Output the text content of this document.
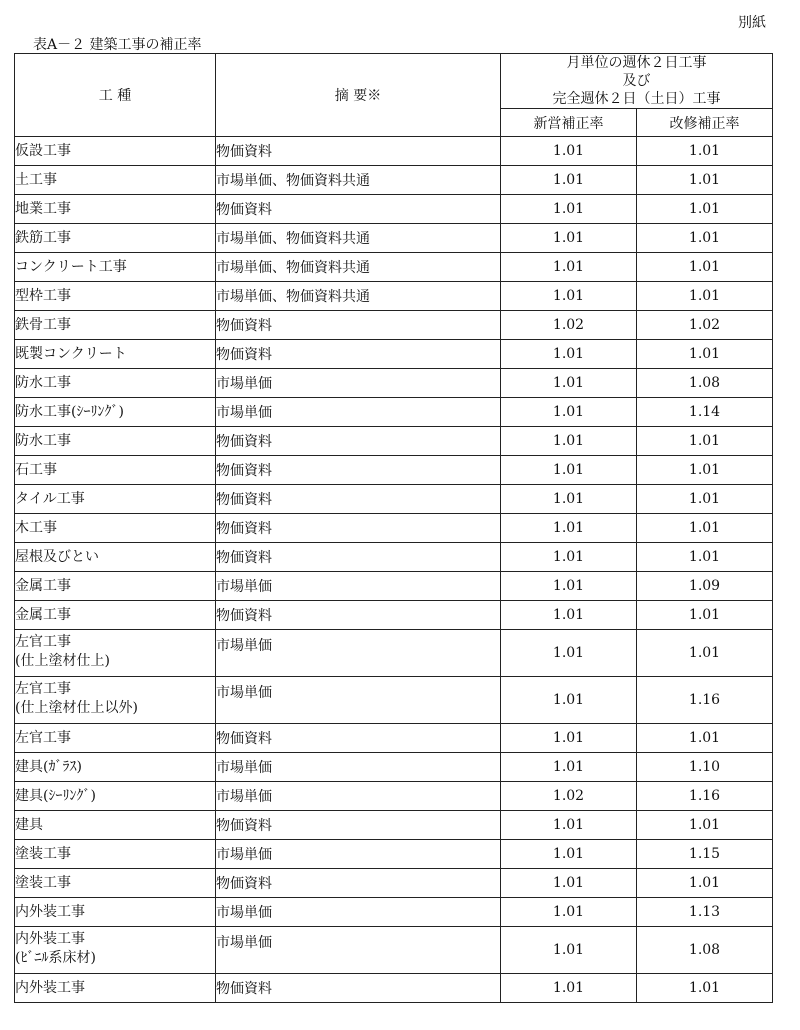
別紙
表A－２ 建築工事の補正率
工 種	摘 要※	月単位の週休２日工事
及び
完全週休２日（土日）工事	

		新営補正率	改修補正率

仮設工事	物価資料	1.01	1.01

土工事	市場単価、物価資料共通	1.01	1.01

地業工事	物価資料	1.01	1.01

鉄筋工事	市場単価、物価資料共通	1.01	1.01

コンクリート工事	市場単価、物価資料共通	1.01	1.01

型枠工事	市場単価、物価資料共通	1.01	1.01

鉄骨工事	物価資料	1.02	1.02

既製コンクリート	物価資料	1.01	1.01

防水工事	市場単価	1.01	1.08

防水工事(ｼｰﾘﾝｸﾞ)	市場単価	1.01	1.14

防水工事	物価資料	1.01	1.01

石工事	物価資料	1.01	1.01

タイル工事	物価資料	1.01	1.01

木工事	物価資料	1.01	1.01

屋根及びとい	物価資料	1.01	1.01

金属工事	市場単価	1.01	1.09

金属工事	物価資料	1.01	1.01

左官工事
(仕上塗材仕上)	市場単価	1.01	1.01

左官工事
(仕上塗材仕上以外)	市場単価	1.01	1.16

左官工事	物価資料	1.01	1.01

建具(ｶﾞﾗｽ)	市場単価	1.01	1.10

建具(ｼｰﾘﾝｸﾞ)	市場単価	1.02	1.16

建具	物価資料	1.01	1.01

塗装工事	市場単価	1.01	1.15

塗装工事	物価資料	1.01	1.01

内外装工事	市場単価	1.01	1.13

内外装工事
(ﾋﾞﾆﾙ系床材)	市場単価	1.01	1.08

内外装工事	物価資料	1.01	1.01
